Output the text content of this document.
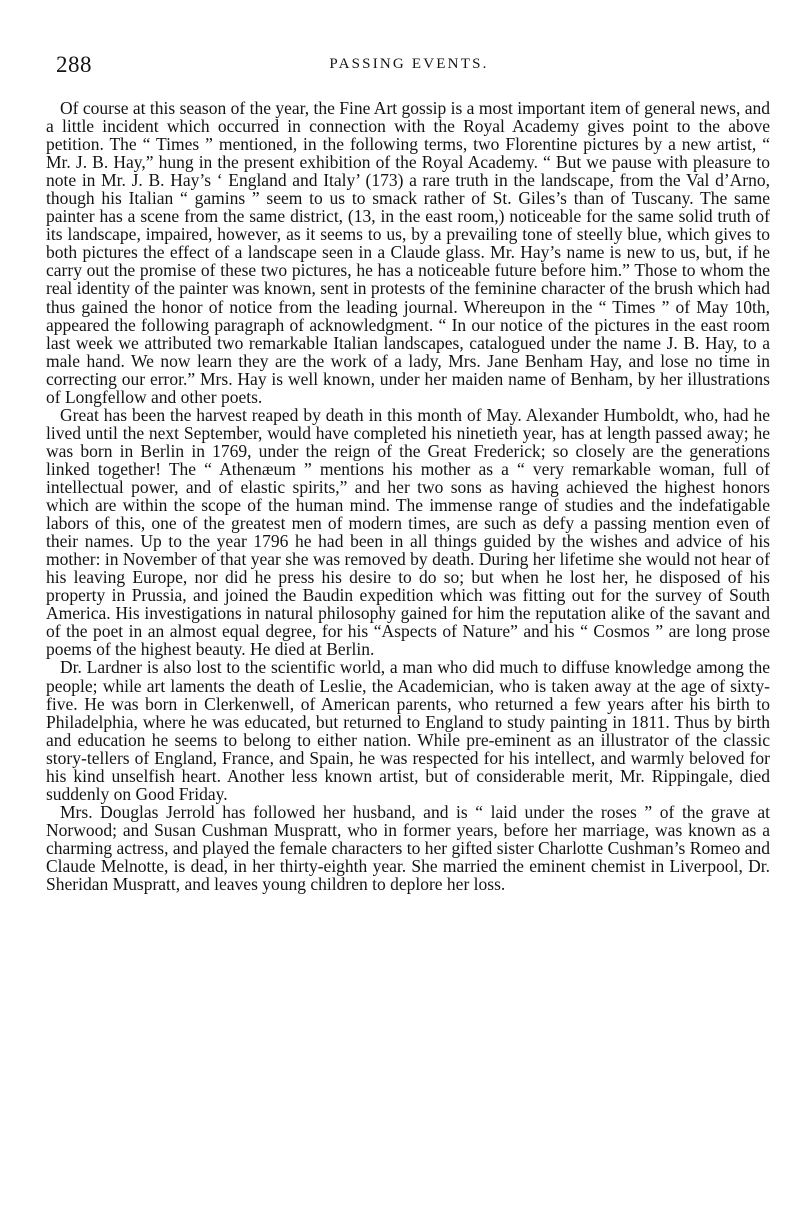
288	PASSING EVENTS.

Of course at this season of the year, the Fine Art gossip is a most important item of general news, and a little incident which occurred in connection with the Royal Academy gives point to the above petition. The “ Times ” mentioned, in the following terms, two Florentine pictures by a new artist, “ Mr. J. B. Hay,” hung in the present exhibition of the Royal Academy. “ But we pause with pleasure to note in Mr. J. B. Hay’s ‘ England and Italy’ (173) a rare truth in the landscape, from the Val d’Arno, though his Italian “ gamins ” seem to us to smack rather of St. Giles’s than of Tuscany. The same painter has a scene from the same district, (13, in the east room,) noticeable for the same solid truth of its landscape, impaired, however, as it seems to us, by a prevailing tone of steelly blue, which gives to both pictures the effect of a landscape seen in a Claude glass. Mr. Hay’s name is new to us, but, if he carry out the promise of these two pictures, he has a noticeable future before him.” Those to whom the real identity of the painter was known, sent in protests of the feminine character of the brush which had thus gained the honor of notice from the leading journal. Whereupon in the “ Times ” of May 10th, appeared the following paragraph of acknowledgment. “ In our notice of the pictures in the east room last week we attributed two remarkable Italian landscapes, catalogued under the name J. B. Hay, to a male hand. We now learn they are the work of a lady, Mrs. Jane Benham Hay, and lose no time in correcting our error.” Mrs. Hay is well known, under her maiden name of Benham, by her illustrations of Longfellow and other poets.

Great has been the harvest reaped by death in this month of May. Alexander Humboldt, who, had he lived until the next September, would have completed his ninetieth year, has at length passed away; he was born in Berlin in 1769, under the reign of the Great Frederick; so closely are the generations linked together! The “ Athenæum ” mentions his mother as a “ very remarkable woman, full of intellectual power, and of elastic spirits,” and her two sons as having achieved the highest honors which are within the scope of the human mind. The immense range of studies and the indefatigable labors of this, one of the greatest men of modern times, are such as defy a passing mention even of their names. Up to the year 1796 he had been in all things guided by the wishes and advice of his mother: in November of that year she was removed by death. During her lifetime she would not hear of his leaving Europe, nor did he press his desire to do so; but when he lost her, he disposed of his property in Prussia, and joined the Baudin expedition which was fitting out for the survey of South America. His investigations in natural philosophy gained for him the reputation alike of the savant and of the poet in an almost equal degree, for his “Aspects of Nature” and his “ Cosmos ” are long prose poems of the highest beauty. He died at Berlin.

Dr. Lardner is also lost to the scientific world, a man who did much to diffuse knowledge among the people; while art laments the death of Leslie, the Academician, who is taken away at the age of sixty-five. He was born in Clerkenwell, of American parents, who returned a few years after his birth to Philadelphia, where he was educated, but returned to England to study painting in 1811. Thus by birth and education he seems to belong to either nation. While pre-eminent as an illustrator of the classic story-tellers of England, France, and Spain, he was respected for his intellect, and warmly beloved for his kind unselfish heart. Another less known artist, but of considerable merit, Mr. Rippingale, died suddenly on Good Friday.

Mrs. Douglas Jerrold has followed her husband, and is “ laid under the roses ” of the grave at Norwood; and Susan Cushman Muspratt, who in former years, before her marriage, was known as a charming actress, and played the female characters to her gifted sister Charlotte Cushman’s Romeo and Claude Melnotte, is dead, in her thirty-eighth year. She married the eminent chemist in Liverpool, Dr. Sheridan Muspratt, and leaves young children to deplore her loss.
